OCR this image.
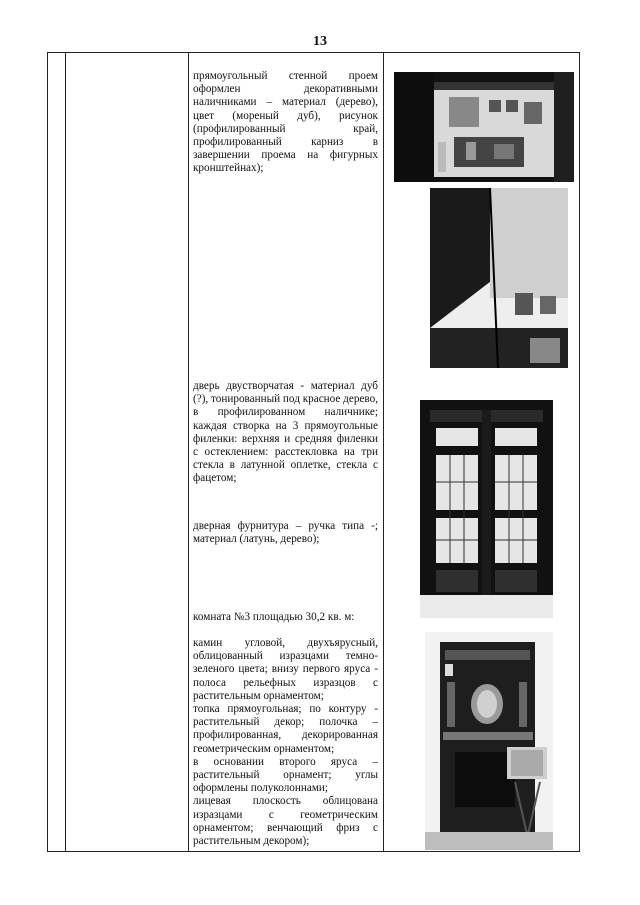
13

прямоугольный стенной проем оформлен декоративными наличниками – материал (дерево), цвет (мореный дуб), рисунок (профилированный край, профилированный карниз в завершении проема на фигурных кронштейнах);

дверь двустворчатая - материал дуб (?), тонированный под красное дерево, в профилированном наличнике; каждая створка на 3 прямоугольные филенки: верхняя и средняя филенки с остеклением: расстекловка на три стекла в латунной оплетке, стекла с фацетом;

дверная фурнитура – ручка типа -; материал (латунь, дерево);

комната №3 площадью 30,2 кв. м:

камин угловой, двухъярусный, облицованный изразцами темно-зеленого цвета; внизу первого яруса - полоса рельефных изразцов с растительным орнаментом;

топка прямоугольная; по контуру - растительный декор; полочка – профилированная, декорированная геометрическим орнаментом;

в основании второго яруса – растительный орнамент; углы оформлены полуколоннами;

лицевая плоскость облицована изразцами с геометрическим орнаментом; венчающий фриз с растительным декором);
